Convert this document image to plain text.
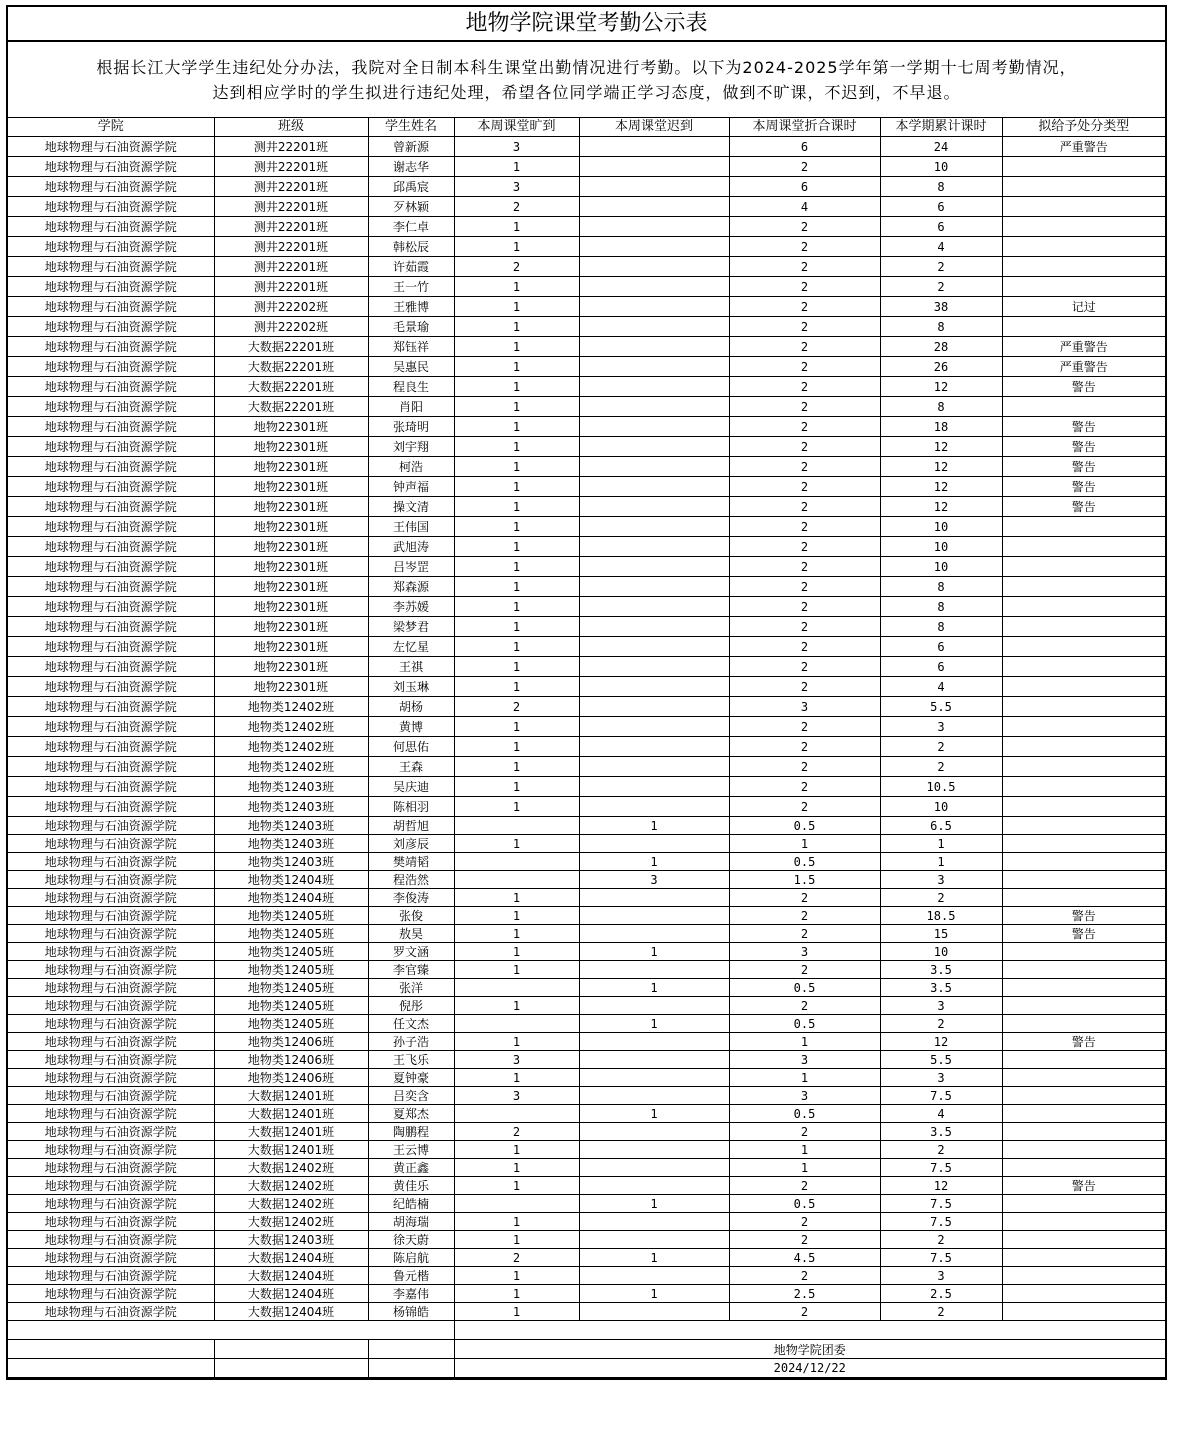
地物学院课堂考勤公示表
根据长江大学学生违纪处分办法，我院对全日制本科生课堂出勤情况进行考勤。以下为2024-2025学年第一学期十七周考勤情况，
达到相应学时的学生拟进行违纪处理，希望各位同学端正学习态度，做到不旷课，不迟到，不早退。
学院	班级	学生姓名	本周课堂旷到	本周课堂迟到	本周课堂折合课时	本学期累计课时	拟给予处分类型
地球物理与石油资源学院	测井22201班	曾新源	3		6	24	严重警告
地球物理与石油资源学院	测井22201班	谢志华	1		2	10	
地球物理与石油资源学院	测井22201班	邱禹宸	3		6	8	
地球物理与石油资源学院	测井22201班	歹林颖	2		4	6	
地球物理与石油资源学院	测井22201班	李仁卓	1		2	6	
地球物理与石油资源学院	测井22201班	韩松辰	1		2	4	
地球物理与石油资源学院	测井22201班	许茹霞	2		2	2	
地球物理与石油资源学院	测井22201班	王一竹	1		2	2	
地球物理与石油资源学院	测井22202班	王雅博	1		2	38	记过
地球物理与石油资源学院	测井22202班	毛景瑜	1		2	8	
地球物理与石油资源学院	大数据22201班	郑钰祥	1		2	28	严重警告
地球物理与石油资源学院	大数据22201班	吴惠民	1		2	26	严重警告
地球物理与石油资源学院	大数据22201班	程良生	1		2	12	警告
地球物理与石油资源学院	大数据22201班	肖阳	1		2	8	
地球物理与石油资源学院	地物22301班	张琦明	1		2	18	警告
地球物理与石油资源学院	地物22301班	刘宇翔	1		2	12	警告
地球物理与石油资源学院	地物22301班	柯浩	1		2	12	警告
地球物理与石油资源学院	地物22301班	钟声福	1		2	12	警告
地球物理与石油资源学院	地物22301班	操文清	1		2	12	警告
地球物理与石油资源学院	地物22301班	王伟国	1		2	10	
地球物理与石油资源学院	地物22301班	武旭涛	1		2	10	
地球物理与石油资源学院	地物22301班	吕岑罡	1		2	10	
地球物理与石油资源学院	地物22301班	郑森源	1		2	8	
地球物理与石油资源学院	地物22301班	李苏媛	1		2	8	
地球物理与石油资源学院	地物22301班	梁梦君	1		2	8	
地球物理与石油资源学院	地物22301班	左忆星	1		2	6	
地球物理与石油资源学院	地物22301班	王祺	1		2	6	
地球物理与石油资源学院	地物22301班	刘玉琳	1		2	4	
地球物理与石油资源学院	地物类12402班	胡杨	2		3	5.5	
地球物理与石油资源学院	地物类12402班	黄博	1		2	3	
地球物理与石油资源学院	地物类12402班	何思佑	1		2	2	
地球物理与石油资源学院	地物类12402班	王森	1		2	2	
地球物理与石油资源学院	地物类12403班	吴庆迪	1		2	10.5	
地球物理与石油资源学院	地物类12403班	陈相羽	1		2	10	
地球物理与石油资源学院	地物类12403班	胡哲旭		1	0.5	6.5	
地球物理与石油资源学院	地物类12403班	刘彦辰	1		1	1	
地球物理与石油资源学院	地物类12403班	樊靖韬		1	0.5	1	
地球物理与石油资源学院	地物类12404班	程浩然		3	1.5	3	
地球物理与石油资源学院	地物类12404班	李俊涛	1		2	2	
地球物理与石油资源学院	地物类12405班	张俊	1		2	18.5	警告
地球物理与石油资源学院	地物类12405班	敖昊	1		2	15	警告
地球物理与石油资源学院	地物类12405班	罗文涵	1	1	3	10	
地球物理与石油资源学院	地物类12405班	李官臻	1		2	3.5	
地球物理与石油资源学院	地物类12405班	张洋		1	0.5	3.5	
地球物理与石油资源学院	地物类12405班	倪彤	1		2	3	
地球物理与石油资源学院	地物类12405班	任文杰		1	0.5	2	
地球物理与石油资源学院	地物类12406班	孙子浩	1		1	12	警告
地球物理与石油资源学院	地物类12406班	王飞乐	3		3	5.5	
地球物理与石油资源学院	地物类12406班	夏钟豪	1		1	3	
地球物理与石油资源学院	大数据12401班	吕奕含	3		3	7.5	
地球物理与石油资源学院	大数据12401班	夏郑杰		1	0.5	4	
地球物理与石油资源学院	大数据12401班	陶鹏程	2		2	3.5	
地球物理与石油资源学院	大数据12401班	王云博	1		1	2	
地球物理与石油资源学院	大数据12402班	黄正鑫	1		1	7.5	
地球物理与石油资源学院	大数据12402班	黄佳乐	1		2	12	警告
地球物理与石油资源学院	大数据12402班	纪皓楠		1	0.5	7.5	
地球物理与石油资源学院	大数据12402班	胡海瑞	1		2	7.5	
地球物理与石油资源学院	大数据12403班	徐天蔚	1		2	2	
地球物理与石油资源学院	大数据12404班	陈启航	2	1	4.5	7.5	
地球物理与石油资源学院	大数据12404班	鲁元楷	1		2	3	
地球物理与石油资源学院	大数据12404班	李嘉伟	1	1	2.5	2.5	
地球物理与石油资源学院	大数据12404班	杨锦皓	1		2	2	

			地物学院团委				
			2024/12/22				
